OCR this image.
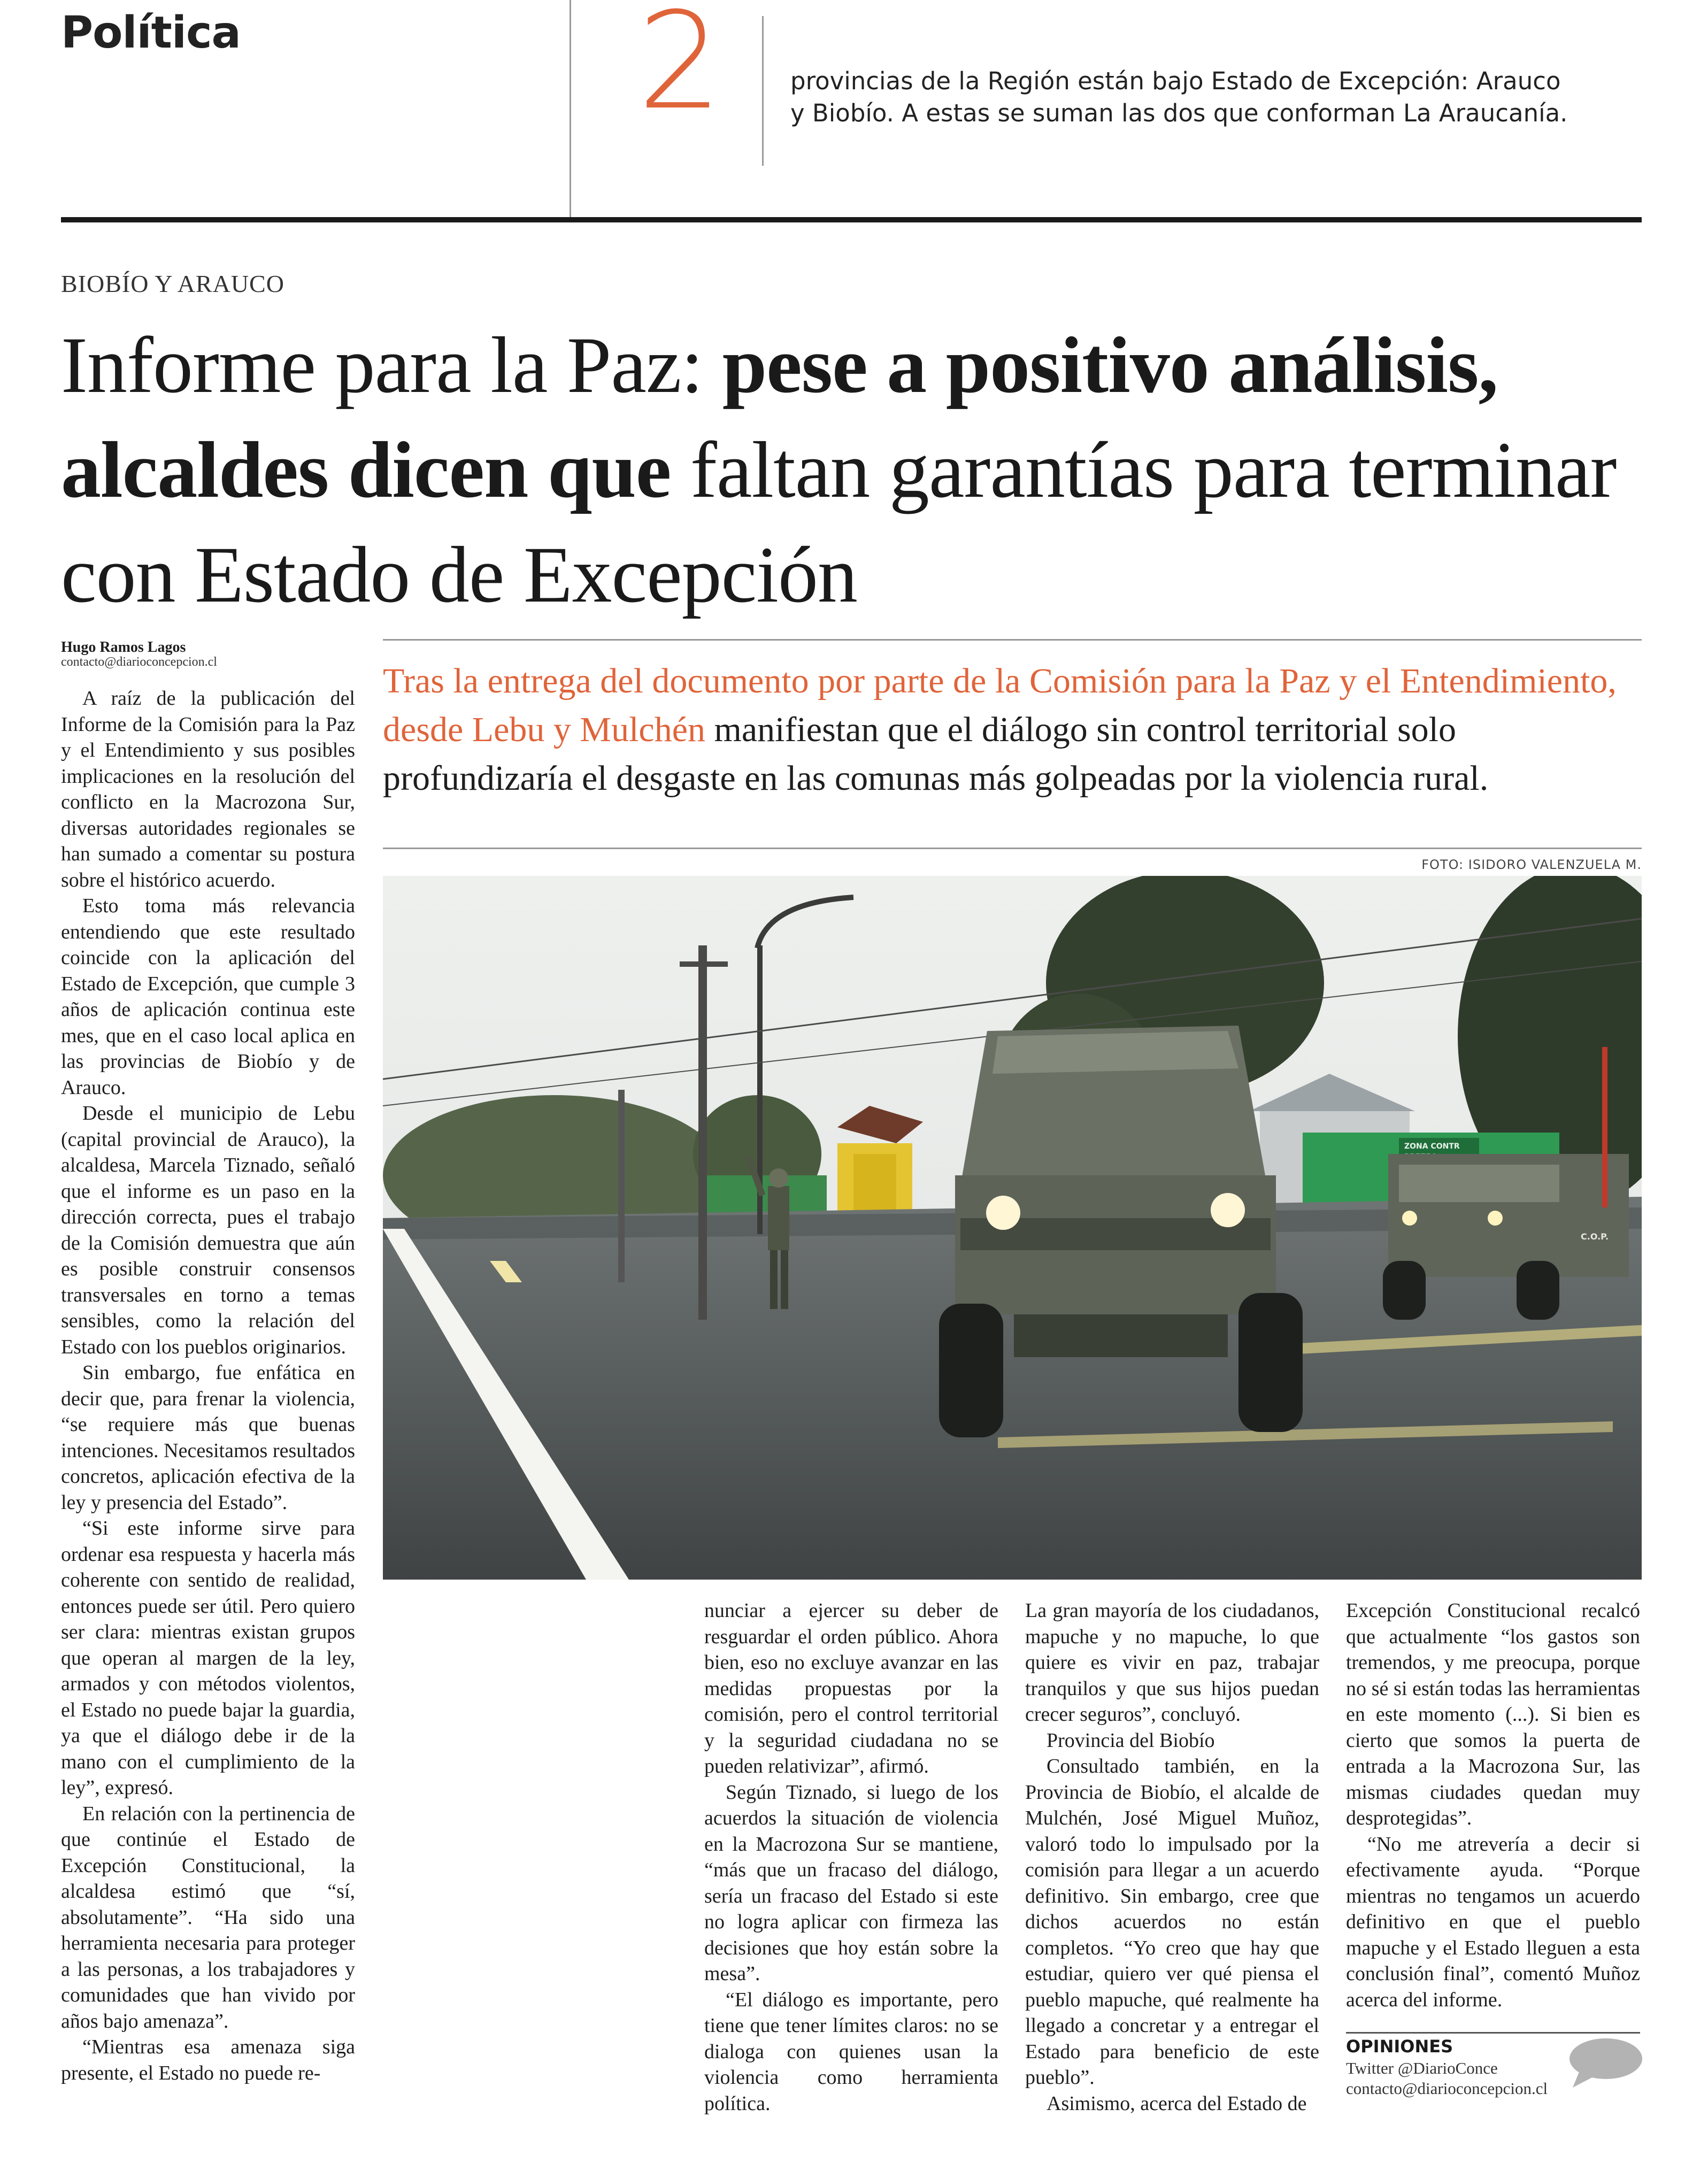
Política	2	provincias de la Región están bajo Estado de Excepción: Arauco y Biobío. A estas se suman las dos que conforman La Araucanía.
BIOBÍO Y ARAUCO
Informe para la Paz: pese a positivo análisis, alcaldes dicen que faltan garantías para terminar con Estado de Excepción
Hugo Ramos Lagos
contacto@diarioconcepcion.cl	Tras la entrega del documento por parte de la Comisión para la Paz y el Entendimiento, desde Lebu y Mulchén manifiestan que el diálogo sin control territorial solo profundizaría el desgaste en las comunas más golpeadas por la violencia rural.
FOTO: ISIDORO VALENZUELA M.
ZONA CONTR
C.O.P.

A raíz de la publicación del Informe de la Comisión para la Paz y el Entendimiento y sus posibles implicaciones en la resolución del conflicto en la Macrozona Sur, diversas autoridades regionales se han sumado a comentar su postura sobre el histórico acuerdo.

Esto toma más relevancia entendiendo que este resultado coincide con la aplicación del Estado de Excepción, que cumple 3 años de aplicación continua este mes, que en el caso local aplica en las provincias de Biobío y de Arauco.

Desde el municipio de Lebu (capital provincial de Arauco), la alcaldesa, Marcela Tiznado, señaló que el informe es un paso en la dirección correcta, pues el trabajo de la Comisión demuestra que aún es posible construir consensos transversales en torno a temas sensibles, como la relación del Estado con los pueblos originarios.

Sin embargo, fue enfática en decir que, para frenar la violencia, “se requiere más que buenas intenciones. Necesitamos resultados concretos, aplicación efectiva de la ley y presencia del Estado”.

“Si este informe sirve para ordenar esa respuesta y hacerla más coherente con sentido de realidad, entonces puede ser útil. Pero quiero ser clara: mientras existan grupos que operan al margen de la ley, armados y con métodos violentos, el Estado no puede bajar la guardia, ya que el diálogo debe ir de la mano con el cumplimiento de la ley”, expresó.

En relación con la pertinencia de que continúe el Estado de Excepción Constitucional, la alcaldesa estimó que “sí, absolutamente”. “Ha sido una herramienta necesaria para proteger a las personas, a los trabajadores y comunidades que han vivido por años bajo amenaza”.

“Mientras esa amenaza siga presente, el Estado no puede re-

nunciar a ejercer su deber de resguardar el orden público. Ahora bien, eso no excluye avanzar en las medidas propuestas por la comisión, pero el control territorial y la seguridad ciudadana no se pueden relativizar”, afirmó.

Según Tiznado, si luego de los acuerdos la situación de violencia en la Macrozona Sur se mantiene, “más que un fracaso del diálogo, sería un fracaso del Estado si este no logra aplicar con firmeza las decisiones que hoy están sobre la mesa”.

“El diálogo es importante, pero tiene que tener límites claros: no se dialoga con quienes usan la violencia como herramienta política.

La gran mayoría de los ciudadanos, mapuche y no mapuche, lo que quiere es vivir en paz, trabajar tranquilos y que sus hijos puedan crecer seguros”, concluyó.

Provincia del Biobío

Consultado también, en la Provincia de Biobío, el alcalde de Mulchén, José Miguel Muñoz, valoró todo lo impulsado por la comisión para llegar a un acuerdo definitivo. Sin embargo, cree que dichos acuerdos no están completos. “Yo creo que hay que estudiar, quiero ver qué piensa el pueblo mapuche, qué realmente ha llegado a concretar y a entregar el Estado para beneficio de este pueblo”.

Asimismo, acerca del Estado de

Excepción Constitucional recalcó que actualmente “los gastos son tremendos, y me preocupa, porque no sé si están todas las herramientas en este momento (...). Si bien es cierto que somos la puerta de entrada a la Macrozona Sur, las mismas ciudades quedan muy desprotegidas”.

“No me atrevería a decir si efectivamente ayuda. “Porque mientras no tengamos un acuerdo definitivo en que el pueblo mapuche y el Estado lleguen a esta conclusión final”, comentó Muñoz acerca del informe.

OPINIONES
Twitter @DiarioConce
contacto@diarioconcepcion.cl
